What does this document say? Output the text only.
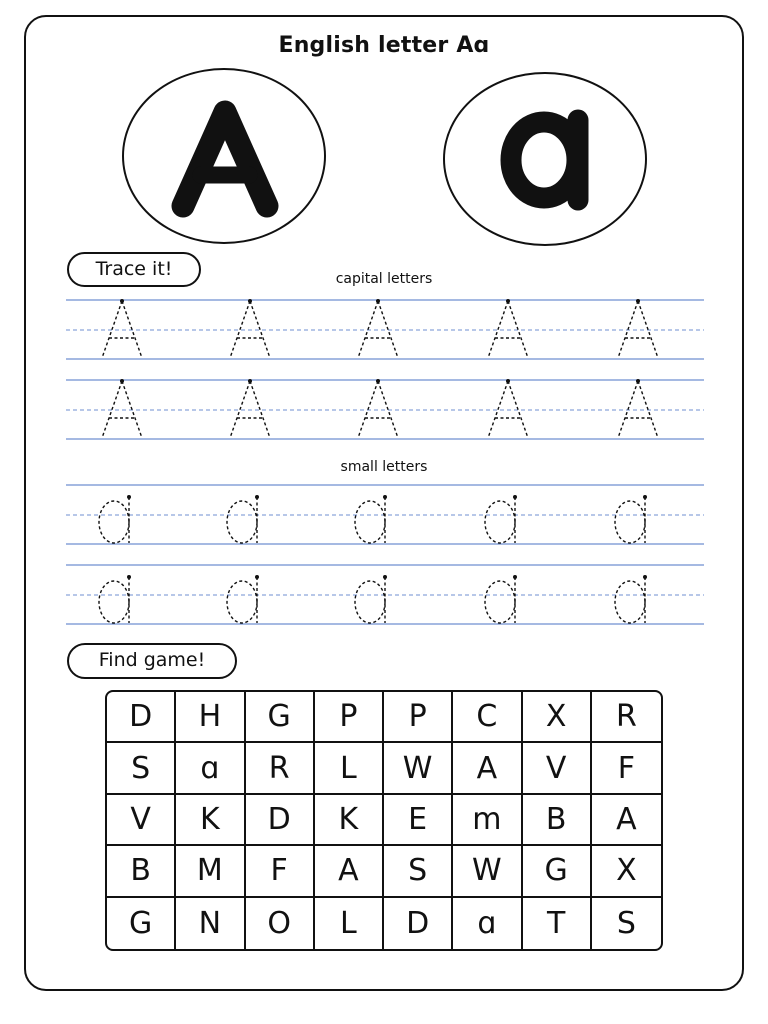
English letter Aɑ
Trace it!	capital letters
small letters
Find game!
D	H	G	P	P	C	X	R
S	ɑ	R	L	W	A	V	F
V	K	D	K	E	m	B	A
B	M	F	A	S	W	G	X
G	N	O	L	D	ɑ	T	S
